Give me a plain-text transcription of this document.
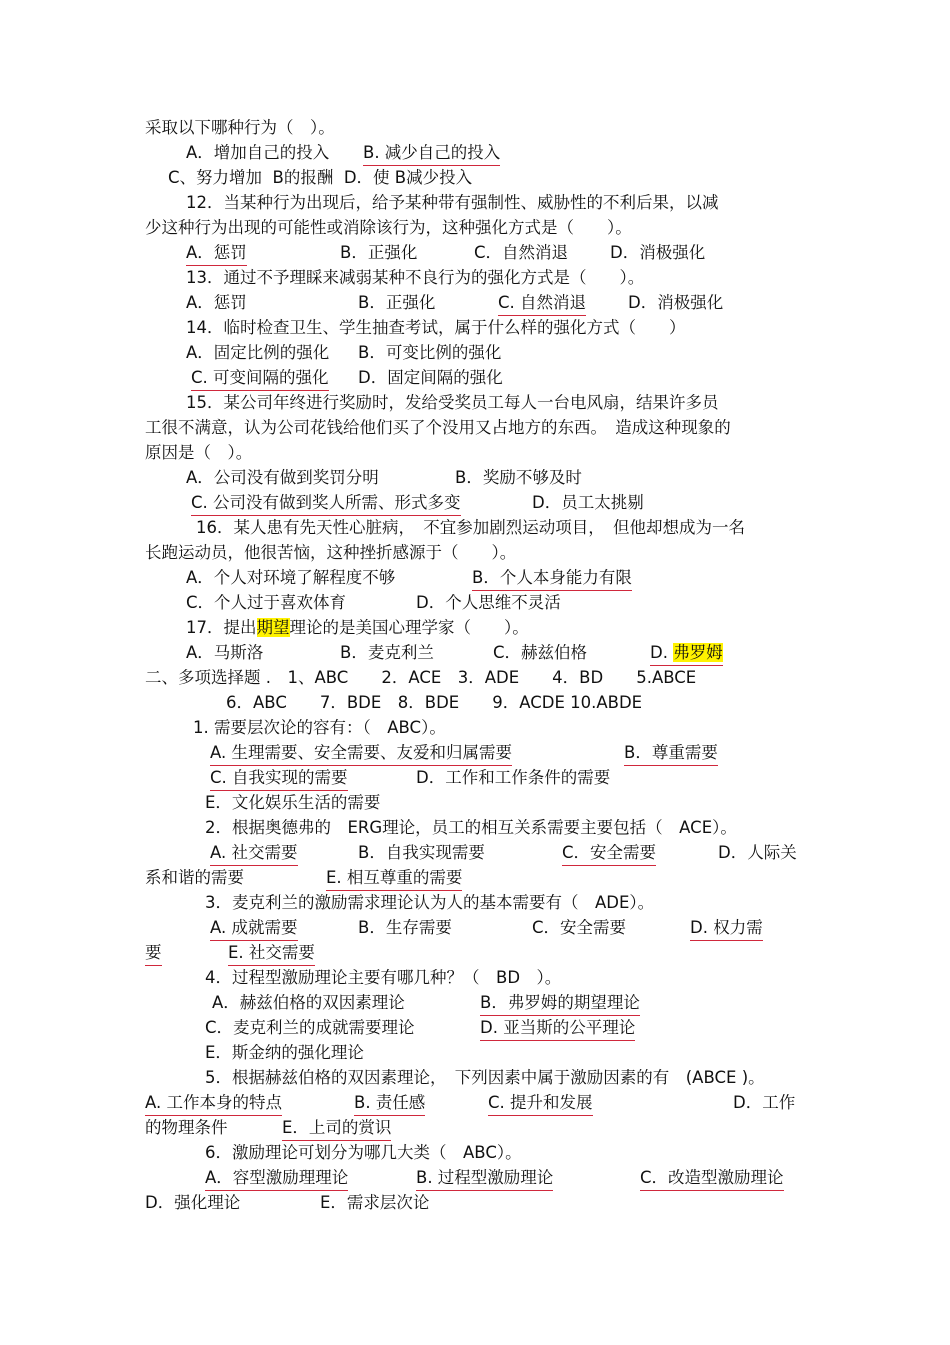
采取以下哪种行为（　）。
A．增加自己的投入 B. 减少自己的投入
C、努力增加  B的报酬  D．使 B减少投入
12．当某种行为出现后，给予某种带有强制性、威胁性的不利后果，以减
少这种行为出现的可能性或消除该行为，这种强化方式是（　　）。
A．惩罚	B．正强化	C．自然消退	D．消极强化
13．通过不予理睬来减弱某种不良行为的强化方式是（　　）。
A．惩罚	B．正强化	C. 自然消退	D．消极强化
14．临时检查卫生、学生抽查考试，属于什么样的强化方式（　　）
A．固定比例的强化 B．可变比例的强化
C. 可变间隔的强化 D．固定间隔的强化
15．某公司年终进行奖励时，发给受奖员工每人一台电风扇，结果许多员
工很不满意，认为公司花钱给他们买了个没用又占地方的东西。　造成这种现象的
原因是（　）。
A．公司没有做到奖罚分明	B．奖励不够及时
C. 公司没有做到奖人所需、形式多变	D．员工太挑剔
16．某人患有先天性心脏病，　不宜参加剧烈运动项目，　但他却想成为一名
长跑运动员，他很苦恼，这种挫折感源于（　　）。
A．个人对环境了解程度不够	B．个人本身能力有限
C．个人过于喜欢体育	D．个人思维不灵活
17．提出期望理论的是美国心理学家（　　）。
A．马斯洛	B．麦克利兰	C．赫兹伯格	D. 弗罗姆
二、多项选择题 .　1、ABC　　2．ACE　3．ADE　　4．BD　　5.ABCE
6．ABC　　7．BDE　8．BDE　　9．ACDE 10.ABDE
1. 需要层次论的容有：（　ABC）。
A. 生理需要、安全需要、友爱和归属需要	B．尊重需要
C. 自我实现的需要	D．工作和工作条件的需要
E．文化娱乐生活的需要
2．根据奥德弗的　ERG理论，员工的相互关系需要主要包括（　ACE）。
A. 社交需要	B．自我实现需要	C．安全需要	D．人际关
系和谐的需要	E. 相互尊重的需要
3．麦克利兰的激励需求理论认为人的基本需要有（　ADE）。
A. 成就需要	B．生存需要	C．安全需要	D. 权力需
要	E. 社交需要
4．过程型激励理论主要有哪几种？（　BD　）。
A．赫兹伯格的双因素理论	B．弗罗姆的期望理论
C．麦克利兰的成就需要理论	D. 亚当斯的公平理论
E．斯金纳的强化理论
5．根据赫兹伯格的双因素理论，　下列因素中属于激励因素的有　(ABCE )。
A. 工作本身的特点	B. 责任感	C. 提升和发展	D．工作
的物理条件	E．上司的赏识
6．激励理论可划分为哪几大类（　ABC）。
A．容型激励理理论	B. 过程型激励理论	C．改造型激励理论
D．强化理论	E．需求层次论
